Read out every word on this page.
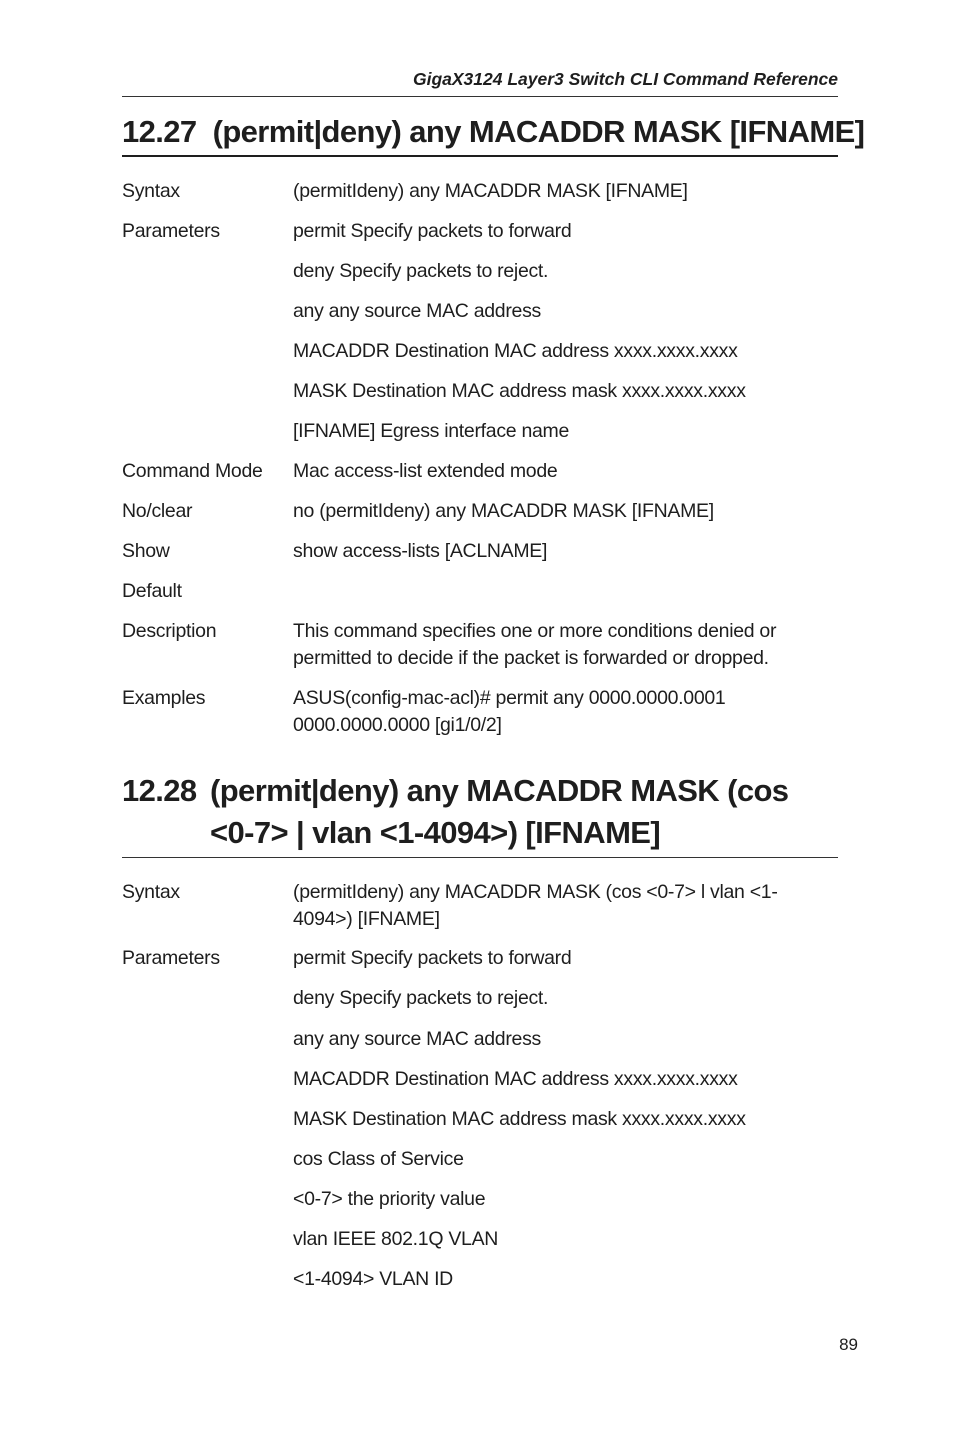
GigaX3124 Layer3 Switch CLI Command Reference
12.27 (permit|deny) any MACADDR MASK [IFNAME]
Syntax	(permitIdeny) any MACADDR MASK [IFNAME]
Parameters	permit Specify packets to forward
deny Specify packets to reject.
any any source MAC address
MACADDR Destination MAC address xxxx.xxxx.xxxx
MASK Destination MAC address mask xxxx.xxxx.xxxx
[IFNAME] Egress interface name
Command Mode	Mac access-list extended mode
No/clear	no (permitIdeny) any MACADDR MASK [IFNAME]
Show	show access-lists [ACLNAME]
Default
Description	This command specifies one or more conditions denied or permitted to decide if the packet is forwarded or dropped.
Examples	ASUS(config-mac-acl)# permit any 0000.0000.0001 0000.0000.0000 [gi1/0/2]
12.28 (permit|deny) any MACADDR MASK (cos
<0-7> | vlan <1-4094>) [IFNAME]
Syntax	(permitIdeny) any MACADDR MASK (cos <0-7> l vlan <1-4094>) [IFNAME]
Parameters	permit Specify packets to forward
deny Specify packets to reject.
any any source MAC address
MACADDR Destination MAC address xxxx.xxxx.xxxx
MASK Destination MAC address mask xxxx.xxxx.xxxx
cos Class of Service
<0-7> the priority value
vlan IEEE 802.1Q VLAN
<1-4094> VLAN ID
89
